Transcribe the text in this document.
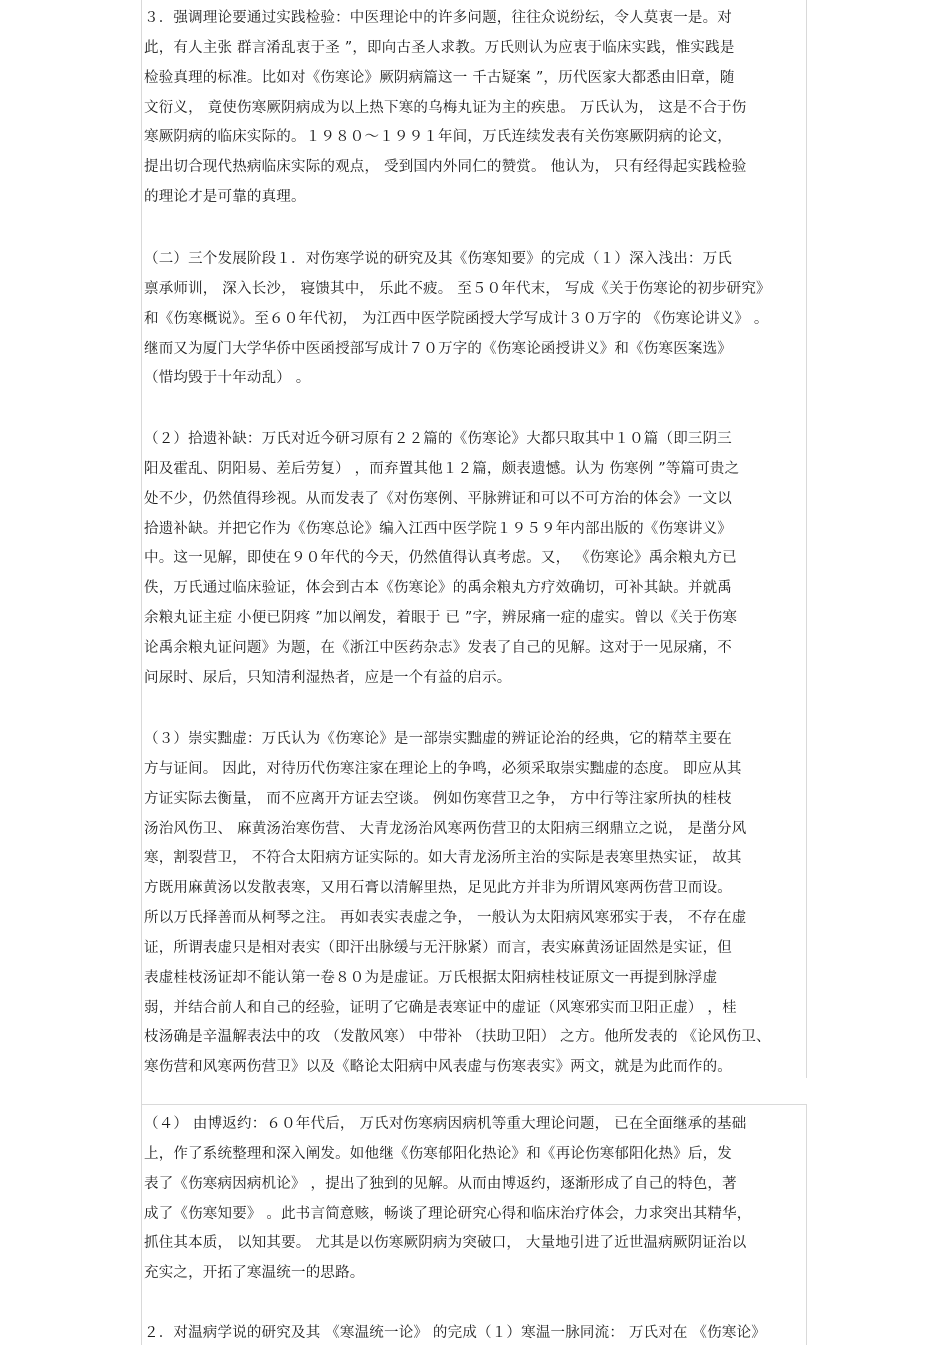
３．强调理论要通过实践检验：中医理论中的许多问题，往往众说纷纭，令人莫衷一是。对
此，有人主张 群言淆乱衷于圣 ”，即向古圣人求教。万氏则认为应衷于临床实践，惟实践是
检验真理的标准。比如对《伤寒论》厥阴病篇这一 千古疑案 ”，历代医家大都悉由旧章，随
文衍义， 竟使伤寒厥阴病成为以上热下寒的乌梅丸证为主的疾患。 万氏认为， 这是不合于伤
寒厥阴病的临床实际的。１９８０～１９９１年间，万氏连续发表有关伤寒厥阴病的论文，
提出切合现代热病临床实际的观点， 受到国内外同仁的赞赏。 他认为， 只有经得起实践检验
的理论才是可靠的真理。
（二）三个发展阶段１．对伤寒学说的研究及其《伤寒知要》的完成（１）深入浅出：万氏
禀承师训， 深入长沙， 寝馈其中， 乐此不疲。 至５０年代末， 写成《关于伤寒论的初步研究》
和《伤寒概说》。至６０年代初， 为江西中医学院函授大学写成计３０万字的 《伤寒论讲义》 。
继而又为厦门大学华侨中医函授部写成计７０万字的《伤寒论函授讲义》和《伤寒医案选》
（惜均毁于十年动乱） 。
（２）拾遗补缺：万氏对近今研习原有２２篇的《伤寒论》大都只取其中１０篇（即三阴三
阳及霍乱、阴阳易、差后劳复） ，而弃置其他１２篇，颇表遗憾。认为 伤寒例 ”等篇可贵之
处不少，仍然值得珍视。从而发表了《对伤寒例、平脉辨证和可以不可方治的体会》一文以
拾遗补缺。并把它作为《伤寒总论》编入江西中医学院１９５９年内部出版的《伤寒讲义》
中。这一见解，即使在９０年代的今天，仍然值得认真考虑。又， 《伤寒论》禹余粮丸方已
佚，万氏通过临床验证，体会到古本《伤寒论》的禹余粮丸方疗效确切，可补其缺。并就禹
余粮丸证主症 小便已阴疼 ”加以阐发，着眼于 已 ”字，辨尿痛一症的虚实。曾以《关于伤寒
论禹余粮丸证问题》为题，在《浙江中医药杂志》发表了自己的见解。这对于一见尿痛，不
问尿时、尿后，只知清利湿热者，应是一个有益的启示。
（３）崇实黜虚：万氏认为《伤寒论》是一部崇实黜虚的辨证论治的经典，它的精萃主要在
方与证间。 因此，对待历代伤寒注家在理论上的争鸣，必须采取崇实黜虚的态度。 即应从其
方证实际去衡量， 而不应离开方证去空谈。 例如伤寒营卫之争， 方中行等注家所执的桂枝
汤治风伤卫、 麻黄汤治寒伤营、 大青龙汤治风寒两伤营卫的太阳病三纲鼎立之说， 是凿分风
寒，割裂营卫， 不符合太阳病方证实际的。如大青龙汤所主治的实际是表寒里热实证， 故其
方既用麻黄汤以发散表寒，又用石膏以清解里热，足见此方并非为所谓风寒两伤营卫而设。
所以万氏择善而从柯琴之注。 再如表实表虚之争， 一般认为太阳病风寒邪实于表， 不存在虚
证，所谓表虚只是相对表实（即汗出脉缓与无汗脉紧）而言，表实麻黄汤证固然是实证，但
表虚桂枝汤证却不能认第一卷８０为是虚证。万氏根据太阳病桂枝证原文一再提到脉浮虚
弱，并结合前人和自己的经验，证明了它确是表寒证中的虚证（风寒邪实而卫阳正虚） ，桂
枝汤确是辛温解表法中的攻 （发散风寒） 中带补 （扶助卫阳） 之方。他所发表的 《论风伤卫、
寒伤营和风寒两伤营卫》以及《略论太阳病中风表虚与伤寒表实》两文，就是为此而作的。
（４） 由博返约：６０年代后， 万氏对伤寒病因病机等重大理论问题， 已在全面继承的基础
上，作了系统整理和深入阐发。如他继《伤寒郁阳化热论》和《再论伤寒郁阳化热》后，发
表了《伤寒病因病机论》 ，提出了独到的见解。从而由博返约，逐渐形成了自己的特色，著
成了《伤寒知要》 。此书言简意赅，畅谈了理论研究心得和临床治疗体会，力求突出其精华，
抓住其本质， 以知其要。 尤其是以伤寒厥阴病为突破口， 大量地引进了近世温病厥阴证治以
充实之，开拓了寒温统一的思路。
２．对温病学说的研究及其 《寒温统一论》 的完成（１）寒温一脉同流： 万氏对在 《伤寒论》
